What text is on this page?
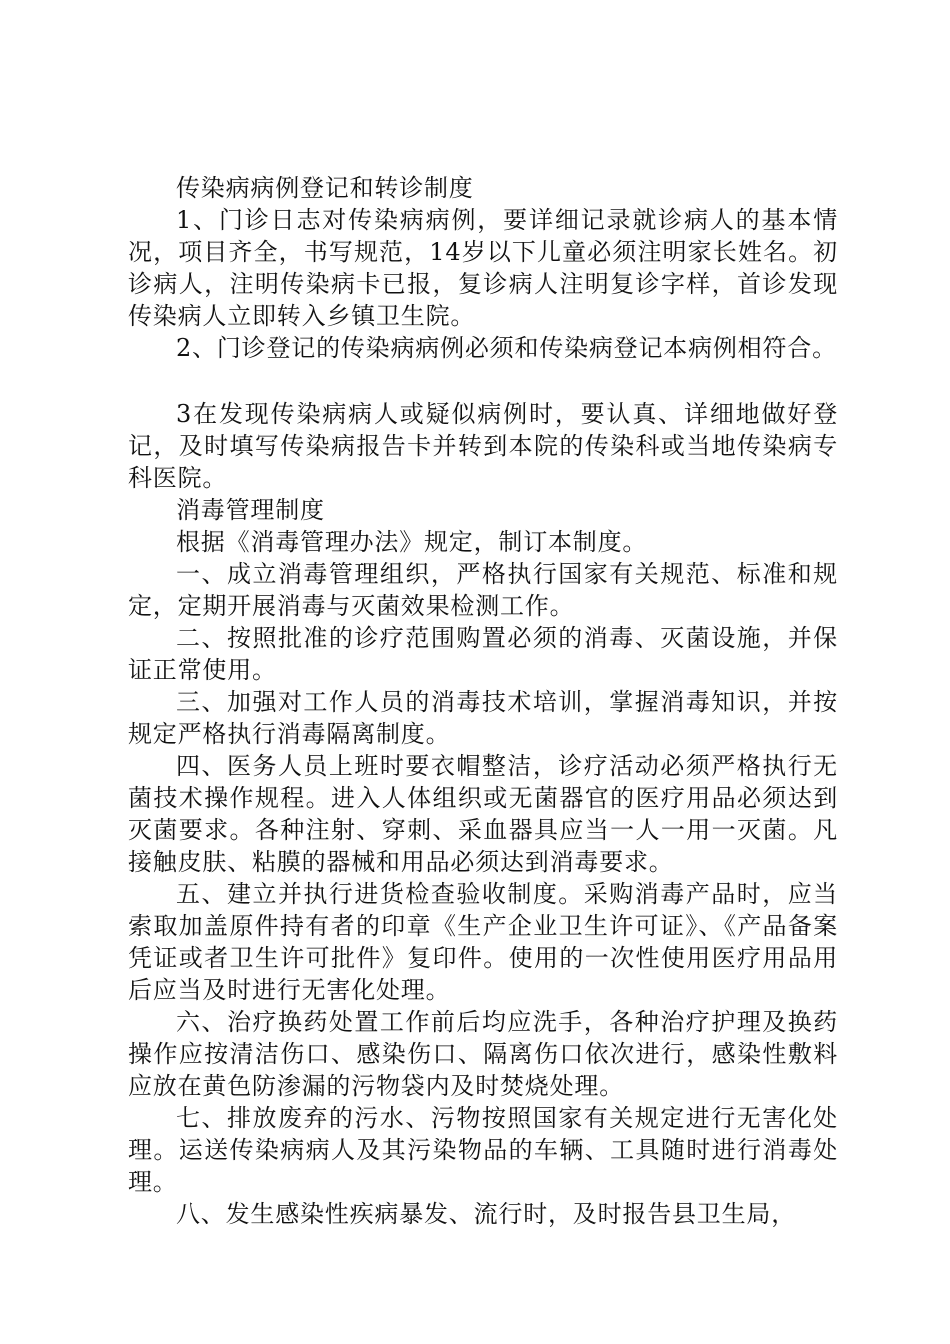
传染病病例登记和转诊制度

1、门诊日志对传染病病例，要详细记录就诊病人的基本情况，项目齐全，书写规范，14岁以下儿童必须注明家长姓名。初诊病人，注明传染病卡已报，复诊病人注明复诊字样，首诊发现传染病人立即转入乡镇卫生院。

2、门诊登记的传染病病例必须和传染病登记本病例相符合。

3在发现传染病病人或疑似病例时，要认真、详细地做好登记，及时填写传染病报告卡并转到本院的传染科或当地传染病专科医院。

消毒管理制度

根据《消毒管理办法》规定，制订本制度。

一、成立消毒管理组织，严格执行国家有关规范、标准和规定，定期开展消毒与灭菌效果检测工作。

二、按照批准的诊疗范围购置必须的消毒、灭菌设施，并保证正常使用。

三、加强对工作人员的消毒技术培训，掌握消毒知识，并按规定严格执行消毒隔离制度。

四、医务人员上班时要衣帽整洁，诊疗活动必须严格执行无菌技术操作规程。进入人体组织或无菌器官的医疗用品必须达到灭菌要求。各种注射、穿刺、采血器具应当一人一用一灭菌。凡接触皮肤、粘膜的器械和用品必须达到消毒要求。

五、建立并执行进货检查验收制度。采购消毒产品时，应当索取加盖原件持有者的印章《生产企业卫生许可证》、《产品备案凭证或者卫生许可批件》复印件。使用的一次性使用医疗用品用后应当及时进行无害化处理。

六、治疗换药处置工作前后均应洗手，各种治疗护理及换药操作应按清洁伤口、感染伤口、隔离伤口依次进行，感染性敷料应放在黄色防渗漏的污物袋内及时焚烧处理。

七、排放废弃的污水、污物按照国家有关规定进行无害化处理。运送传染病病人及其污染物品的车辆、工具随时进行消毒处理。

八、发生感染性疾病暴发、流行时，及时报告县卫生局，
